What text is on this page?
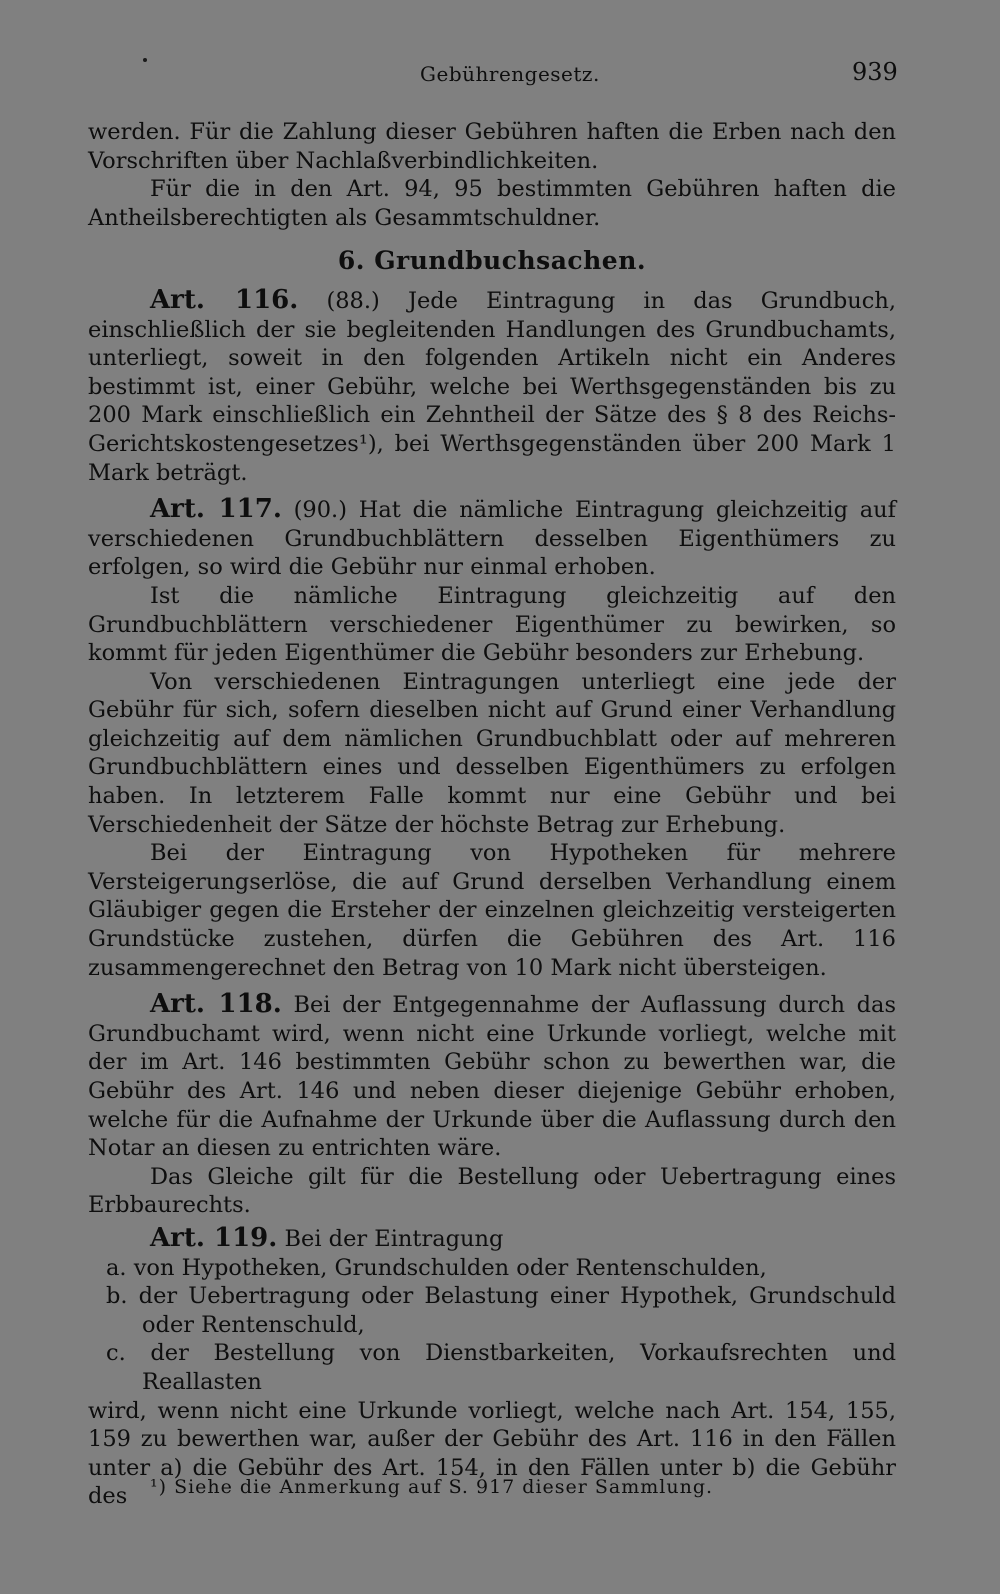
Gebührengesetz.	939

werden. Für die Zahlung dieser Gebühren haften die Erben nach den Vorschriften über Nachlaßverbindlichkeiten.

Für die in den Art. 94, 95 bestimmten Gebühren haften die Antheilsberechtigten als Gesammtschuldner.

6. Grundbuchsachen.

Art. 116. (88.) Jede Eintragung in das Grundbuch, einschließlich der sie begleitenden Handlungen des Grundbuchamts, unterliegt, soweit in den folgenden Artikeln nicht ein Anderes bestimmt ist, einer Gebühr, welche bei Werthsgegenständen bis zu 200 Mark einschließlich ein Zehntheil der Sätze des § 8 des Reichs-Gerichtskostengesetzes¹), bei Werthsgegenständen über 200 Mark 1 Mark beträgt.

Art. 117. (90.) Hat die nämliche Eintragung gleichzeitig auf verschiedenen Grundbuchblättern desselben Eigenthümers zu erfolgen, so wird die Gebühr nur einmal erhoben.

Ist die nämliche Eintragung gleichzeitig auf den Grundbuchblättern verschiedener Eigenthümer zu bewirken, so kommt für jeden Eigenthümer die Gebühr besonders zur Erhebung.

Von verschiedenen Eintragungen unterliegt eine jede der Gebühr für sich, sofern dieselben nicht auf Grund einer Verhandlung gleichzeitig auf dem nämlichen Grundbuchblatt oder auf mehreren Grundbuchblättern eines und desselben Eigenthümers zu erfolgen haben. In letzterem Falle kommt nur eine Gebühr und bei Verschiedenheit der Sätze der höchste Betrag zur Erhebung.

Bei der Eintragung von Hypotheken für mehrere Versteigerungserlöse, die auf Grund derselben Verhandlung einem Gläubiger gegen die Ersteher der einzelnen gleichzeitig versteigerten Grundstücke zustehen, dürfen die Gebühren des Art. 116 zusammengerechnet den Betrag von 10 Mark nicht übersteigen.

Art. 118. Bei der Entgegennahme der Auflassung durch das Grundbuchamt wird, wenn nicht eine Urkunde vorliegt, welche mit der im Art. 146 bestimmten Gebühr schon zu bewerthen war, die Gebühr des Art. 146 und neben dieser diejenige Gebühr erhoben, welche für die Aufnahme der Urkunde über die Auflassung durch den Notar an diesen zu entrichten wäre.

Das Gleiche gilt für die Bestellung oder Uebertragung eines Erbbaurechts.

Art. 119. Bei der Eintragung

a. von Hypotheken, Grundschulden oder Rentenschulden,

b. der Uebertragung oder Belastung einer Hypothek, Grundschuld oder Rentenschuld,

c. der Bestellung von Dienstbarkeiten, Vorkaufsrechten und Reallasten

wird, wenn nicht eine Urkunde vorliegt, welche nach Art. 154, 155, 159 zu bewerthen war, außer der Gebühr des Art. 116 in den Fällen unter a) die Gebühr des Art. 154, in den Fällen unter b) die Gebühr des	¹) Siehe die Anmerkung auf S. 917 dieser Sammlung.
